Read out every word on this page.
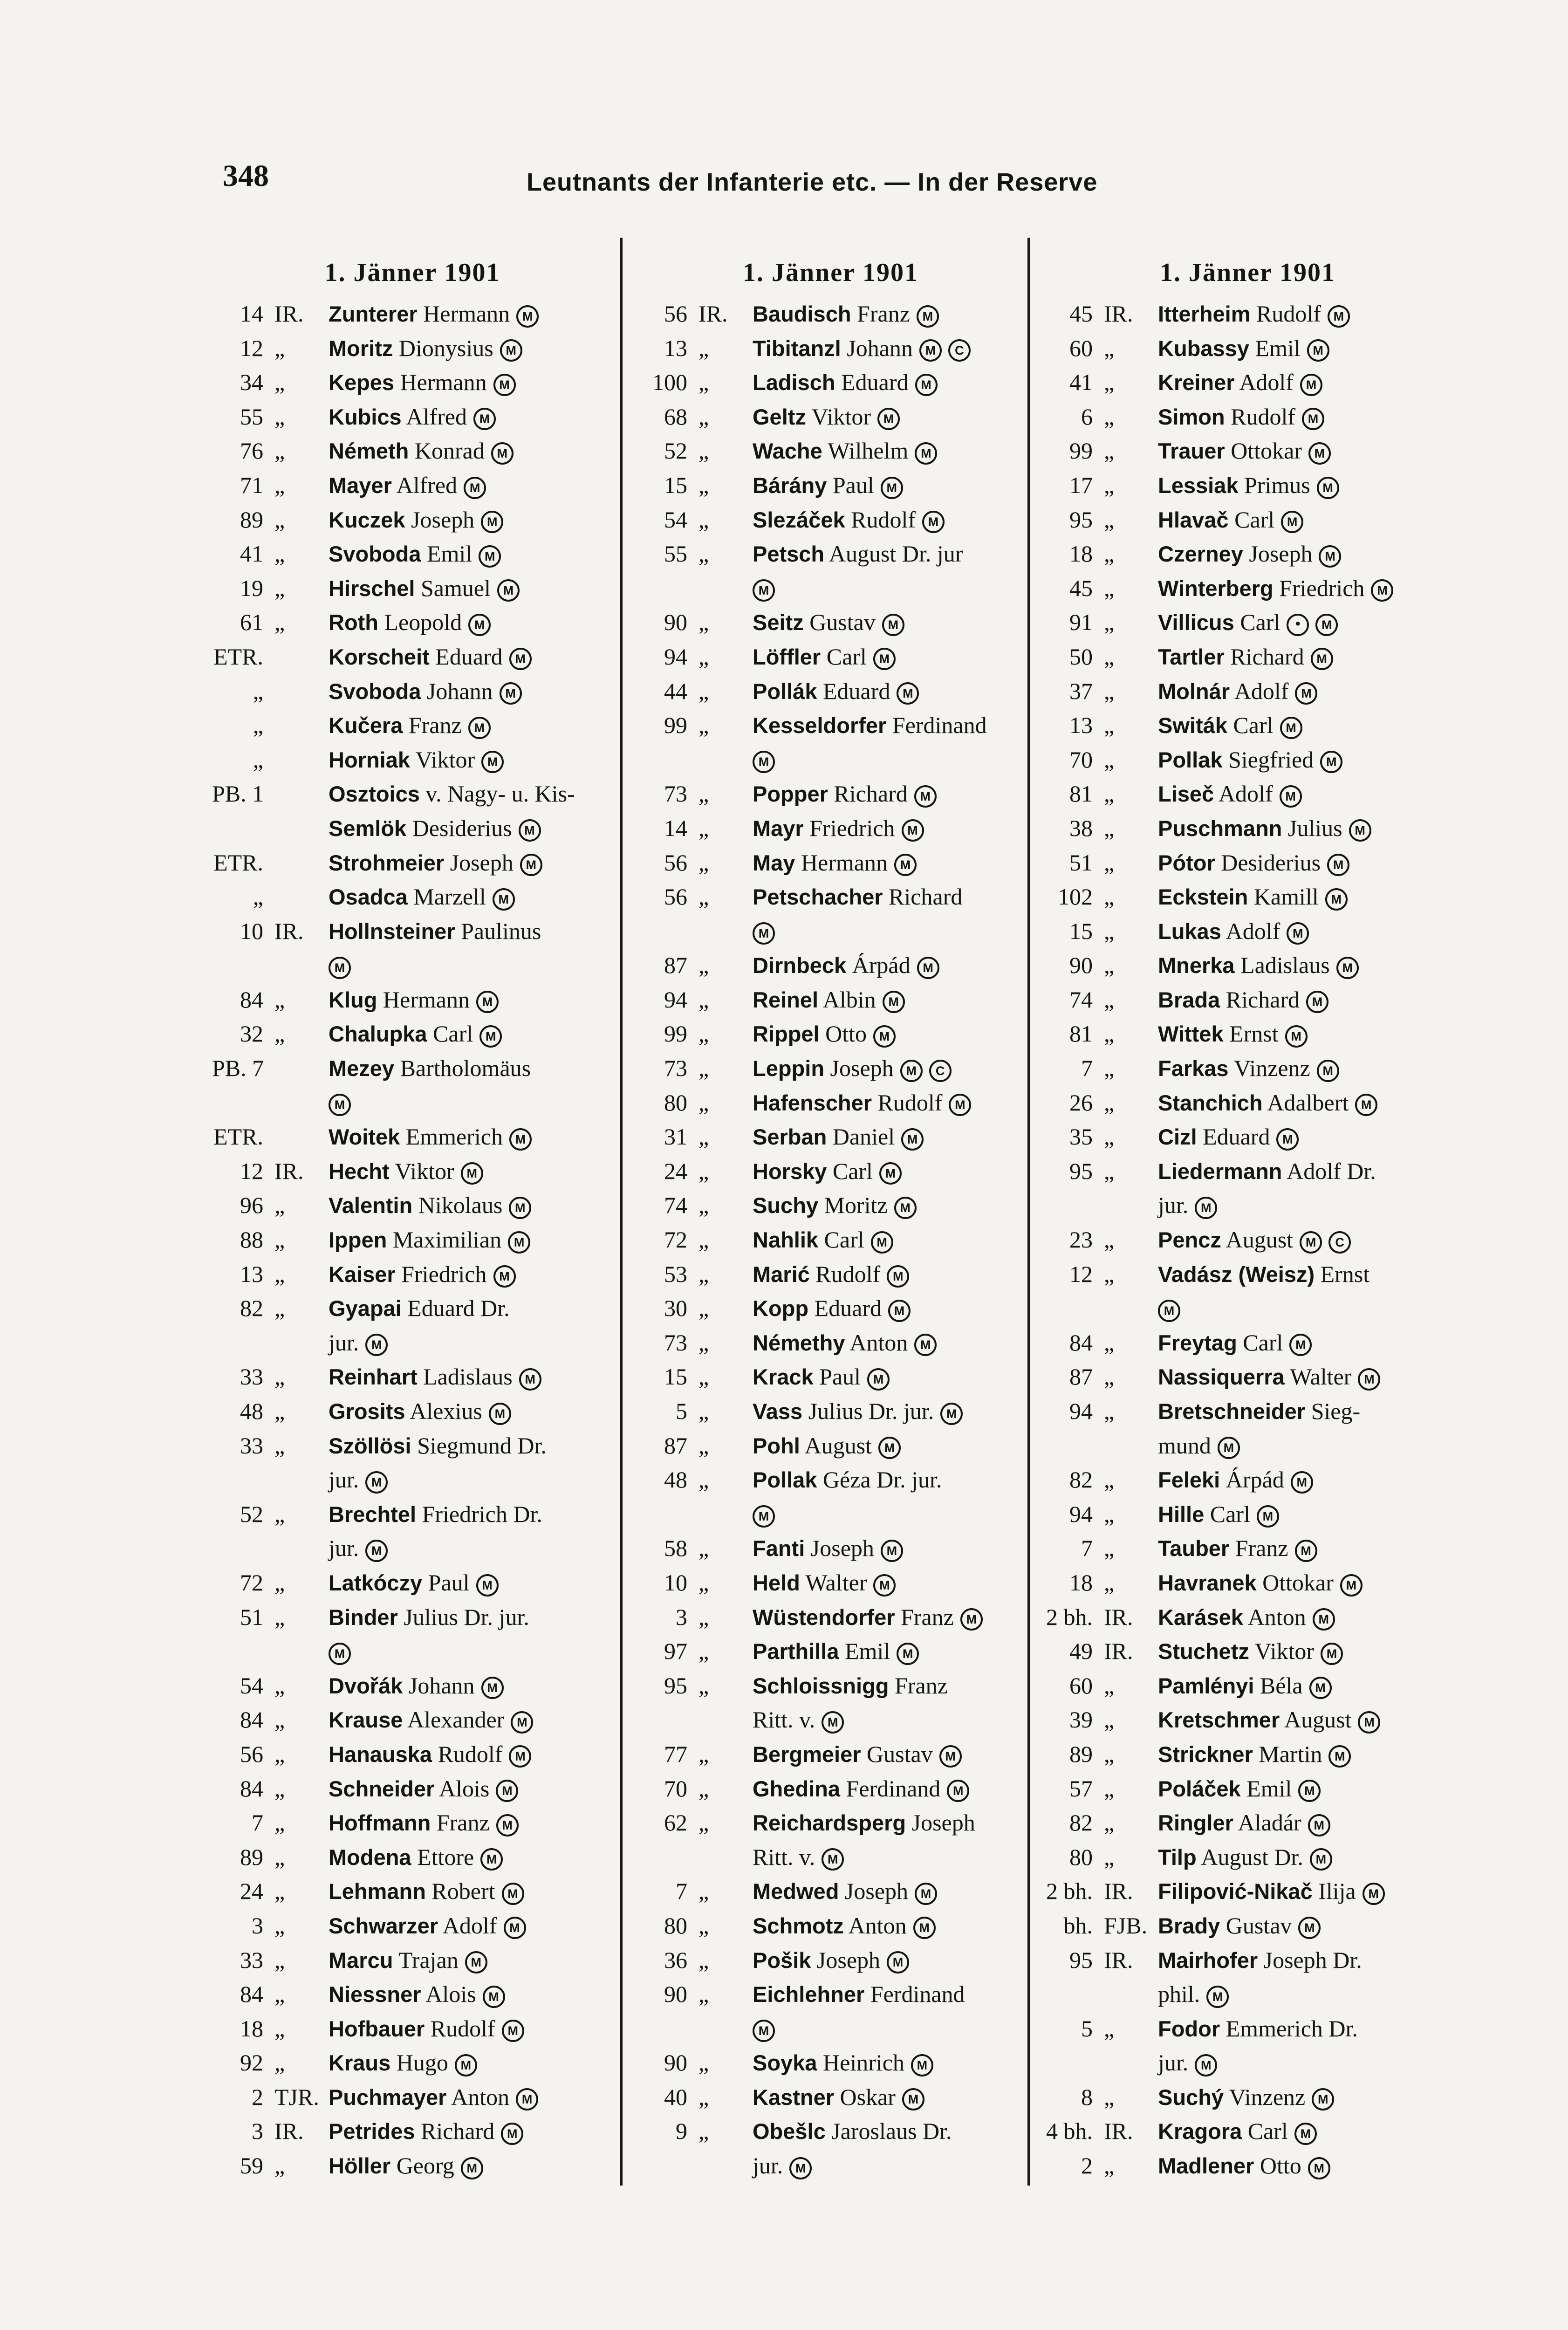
348	Leutnants der Infanterie etc. — In der Reserve
1. Jänner 1901
14 IR.	Zunterer Hermann M
12 „	Moritz Dionysius M
34 „	Kepes Hermann M
55 „	Kubics Alfred M
76 „	Németh Konrad M
71 „	Mayer Alfred M
89 „	Kuczek Joseph M
41 „	Svoboda Emil M
19 „	Hirschel Samuel M
61 „	Roth Leopold M
ETR.	Korscheit Eduard M
„	Svoboda Johann M
„	Kučera Franz M
„	Horniak Viktor M
PB. 1	Osztoics v. Nagy- u. Kis-
Semlök Desiderius M
ETR.	Strohmeier Joseph M
„	Osadca Marzell M
10 IR.	Hollnsteiner Paulinus
M
84 „	Klug Hermann M
32 „	Chalupka Carl M
PB. 7	Mezey Bartholomäus
M
ETR.	Woitek Emmerich M
12 IR.	Hecht Viktor M
96 „	Valentin Nikolaus M
88 „	Ippen Maximilian M
13 „	Kaiser Friedrich M
82 „	Gyapai Eduard Dr.
jur. M
33 „	Reinhart Ladislaus M
48 „	Grosits Alexius M
33 „	Szöllösi Siegmund Dr.
jur. M
52 „	Brechtel Friedrich Dr.
jur. M
72 „	Latkóczy Paul M
51 „	Binder Julius Dr. jur.
M
54 „	Dvořák Johann M
84 „	Krause Alexander M
56 „	Hanauska Rudolf M
84 „	Schneider Alois M
7 „	Hoffmann Franz M
89 „	Modena Ettore M
24 „	Lehmann Robert M
3 „	Schwarzer Adolf M
33 „	Marcu Trajan M
84 „	Niessner Alois M
18 „	Hofbauer Rudolf M
92 „	Kraus Hugo M
2 TJR. Puchmayer Anton M
3 IR.	Petrides Richard M
59 „	Höller Georg M
1. Jänner 1901
56 IR.	Baudisch Franz M
13 „	Tibitanzl Johann M C
100 „	Ladisch Eduard M
68 „	Geltz Viktor M
52 „	Wache Wilhelm M
15 „	Bárány Paul M
54 „	Slezáček Rudolf M
55 „	Petsch August Dr. jur
M
90 „	Seitz Gustav M
94 „	Löffler Carl M
44 „	Pollák Eduard M
99 „	Kesseldorfer Ferdinand
M
73 „	Popper Richard M
14 „	Mayr Friedrich M
56 „	May Hermann M
56 „	Petschacher Richard
M
87 „	Dirnbeck Árpád M
94 „	Reinel Albin M
99 „	Rippel Otto M
73 „	Leppin Joseph M C
80 „	Hafenscher Rudolf M
31 „	Serban Daniel M
24 „	Horsky Carl M
74 „	Suchy Moritz M
72 „	Nahlik Carl M
53 „	Marić Rudolf M
30 „	Kopp Eduard M
73 „	Némethy Anton M
15 „	Krack Paul M
5 „	Vass Julius Dr. jur. M
87 „	Pohl August M
48 „	Pollak Géza Dr. jur.
M
58 „	Fanti Joseph M
10 „	Held Walter M
3 „	Wüstendorfer Franz M
97 „	Parthilla Emil M
95 „	Schloissnigg Franz
Ritt. v. M
77 „	Bergmeier Gustav M
70 „	Ghedina Ferdinand M
62 „	Reichardsperg Joseph
Ritt. v. M
7 „	Medwed Joseph M
80 „	Schmotz Anton M
36 „	Pošik Joseph M
90 „	Eichlehner Ferdinand
M
90 „	Soyka Heinrich M
40 „	Kastner Oskar M
9 „	Obešlc Jaroslaus Dr.
jur. M
1. Jänner 1901
45 IR.	Itterheim Rudolf M
60 „	Kubassy Emil M
41 „	Kreiner Adolf M
6 „	Simon Rudolf M
99 „	Trauer Ottokar M
17 „	Lessiak Primus M
95 „	Hlavač Carl M
18 „	Czerney Joseph M
45 „	Winterberg Friedrich M
91 „	Villicus Carl • M
50 „	Tartler Richard M
37 „	Molnár Adolf M
13 „	Switák Carl M
70 „	Pollak Siegfried M
81 „	Liseč Adolf M
38 „	Puschmann Julius M
51 „	Pótor Desiderius M
102 „	Eckstein Kamill M
15 „	Lukas Adolf M
90 „	Mnerka Ladislaus M
74 „	Brada Richard M
81 „	Wittek Ernst M
7 „	Farkas Vinzenz M
26 „	Stanchich Adalbert M
35 „	Cizl Eduard M
95 „	Liedermann Adolf Dr.
jur. M
23 „	Pencz August M C
12 „	Vadász (Weisz) Ernst
M
84 „	Freytag Carl M
87 „	Nassiquerra Walter M
94 „	Bretschneider Sieg-
mund M
82 „	Feleki Árpád M
94 „	Hille Carl M
7 „	Tauber Franz M
18 „	Havranek Ottokar M
2 bh. IR.	Karásek Anton M
49 IR.	Stuchetz Viktor M
60 „	Pamlényi Béla M
39 „	Kretschmer August M
89 „	Strickner Martin M
57 „	Poláček Emil M
82 „	Ringler Aladár M
80 „	Tilp August Dr. M
2 bh. IR.	Filipović-Nikač Ilija M
bh. FJB. Brady Gustav M
95 IR.	Mairhofer Joseph Dr.
phil. M
5 „	Fodor Emmerich Dr.
jur. M
8 „	Suchý Vinzenz M
4 bh. IR.	Kragora Carl M
2 „	Madlener Otto M
